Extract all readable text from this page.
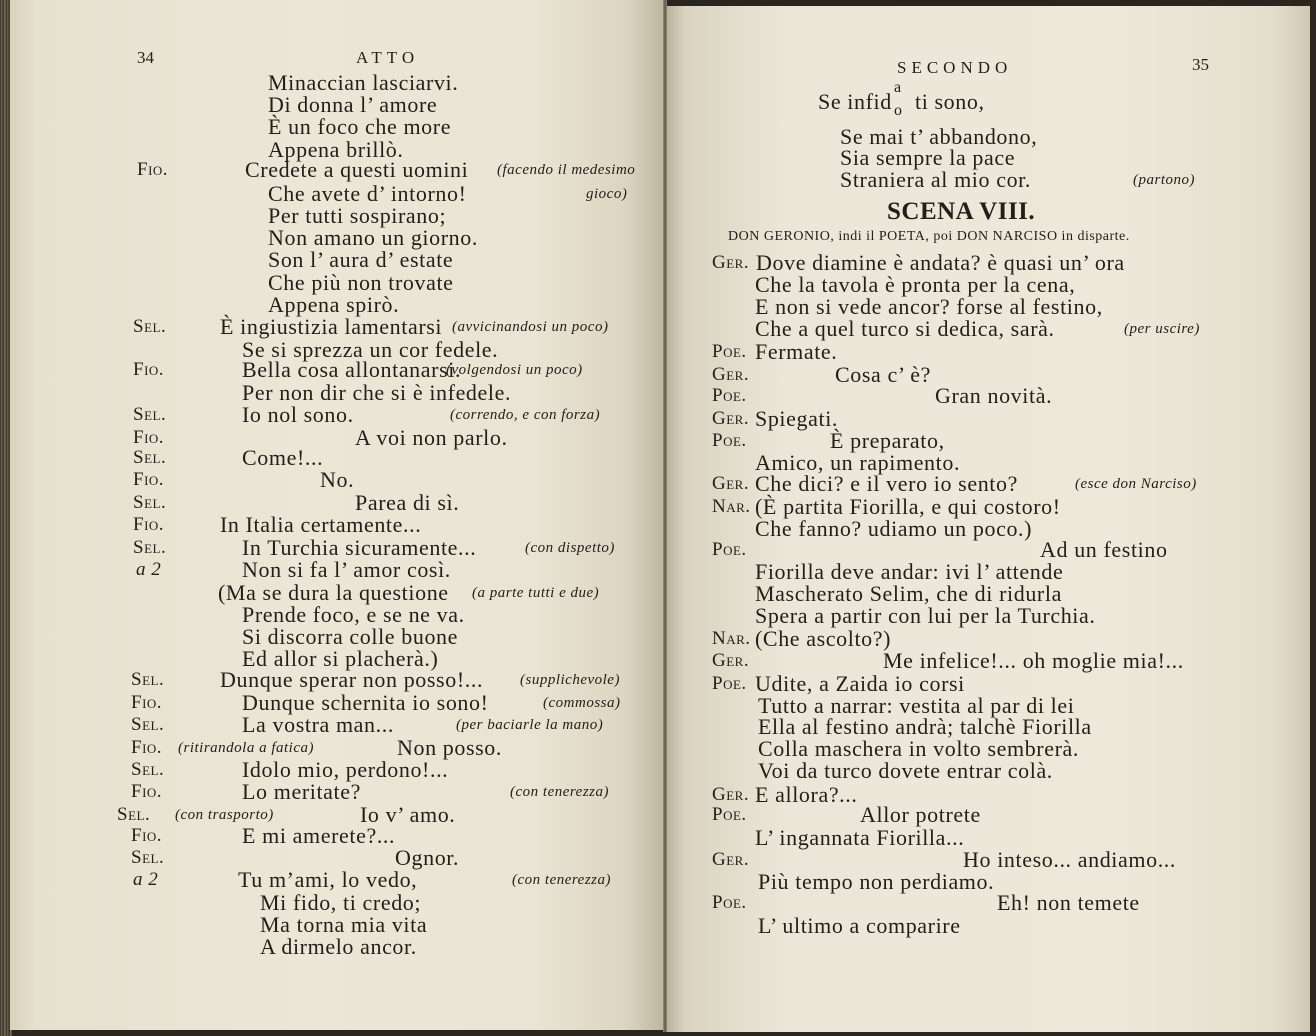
34	ATTO
Minaccian lasciarvi.
Di donna l’ amore
È un foco che more
Appena brillò.
Fio.	Credete a questi uomini (facendo il medesimo
Che avete d’ intorno!	gioco)
Per tutti sospirano;
Non amano un giorno.
Son l’ aura d’ estate
Che più non trovate
Appena spirò.
Sel. È ingiustizia lamentarsi (avvicinandosi un poco)
Se si sprezza un cor fedele.
Fio.	Bella cosa allontanarsi.
(volgendosi un poco)
Per non dir che si è infedele.
Sel.	Io nol sono.	(correndo, e con forza)
Fio.	A voi non parlo.
Sel.	Come!...
Fio.	No.
Sel.	Parea di sì.
Fio.	In Italia certamente...
Sel.	In Turchia sicuramente...	(con dispetto)
a 2	Non si fa l’ amor così.
(Ma se dura la questione (a parte tutti e due)
Prende foco, e se ne va.
Si discorra colle buone
Ed allor si placherà.)
Sel.	Dunque sperar non posso!... (supplichevole)
Fio.	Dunque schernita io sono!	(commossa)
Sel.	La vostra man...	(per baciarle la mano)
Fio. (ritirandola a fatica)	Non posso.
Sel.	Idolo mio, perdono!...
Fio.	Lo meritate?	(con tenerezza)
Sel. (con trasporto)	Io v’ amo.
Fio.	E mi amerete?...
Sel.	Ognor.
a 2	Tu m’ami, lo vedo,	(con tenerezza)
Mi fido, ti credo;
Ma torna mia vita
A dirmelo ancor.
SECONDO	35
Se infid
a
o ti sono,
Se mai t’ abbandono,
Sia sempre la pace
Straniera al mio cor.	(partono)
SCENA VIII.
DON GERONIO, indi il POETA, poi DON NARCISO in disparte.
Ger. Dove diamine è andata? è quasi un’ ora
Che la tavola è pronta per la cena,
E non si vede ancor? forse al festino,
Che a quel turco si dedica, sarà.	(per uscire)
Poe. Fermate.
Ger.	Cosa c’ è?
Poe.	Gran novità.
Ger. Spiegati.
Poe.	È preparato,
Amico, un rapimento.
Ger. Che dici? e il vero io sento?	(esce don Narciso)
Nar. (È partita Fiorilla, e qui costoro!
Che fanno? udiamo un poco.)
Poe.	Ad un festino
Fiorilla deve andar: ivi l’ attende
Mascherato Selim, che di ridurla
Spera a partir con lui per la Turchia.
Nar. (Che ascolto?)
Ger.	Me infelice!... oh moglie mia!...
Poe. Udite, a Zaida io corsi
Tutto a narrar: vestita al par di lei
Ella al festino andrà; talchè Fiorilla
Colla maschera in volto sembrerà.
Voi da turco dovete entrar colà.
Ger. E allora?...
Poe.	Allor potrete
L’ ingannata Fiorilla...
Ger.	Ho inteso... andiamo...
Più tempo non perdiamo.
Poe.	Eh! non temete
L’ ultimo a comparire
